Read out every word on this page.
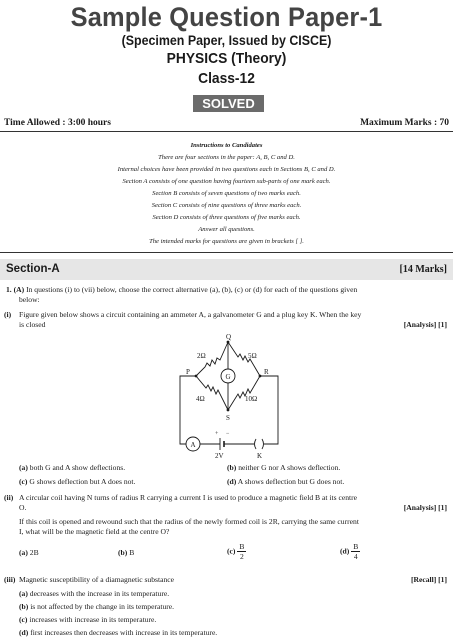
Sample Question Paper-1
(Specimen Paper, Issued by CISCE)
PHYSICS (Theory)
Class-12
SOLVED
Time Allowed : 3:00 hours	Maximum Marks : 70
Instructions to Candidates
There are four sections in the paper: A, B, C and D.
Internal choices have been provided in two questions each in Sections B, C and D.
Section A consists of one question having fourteen sub-parts of one mark each.
Section B consists of seven questions of two marks each.
Section C consists of nine questions of three marks each.
Section D consists of three questions of five marks each.
Answer all questions.
The intended marks for questions are given in brackets [ ].
Section-A	[14 Marks]
1. (A) In questions (i) to (vii) below, choose the correct alternative (a), (b), (c) or (d) for each of the questions given
below:
(i) Figure given below shows a circuit containing an ammeter A, a galvanometer G and a plug key K. When the key
is closed	[Analysis] [1]
Q
P	R
S
G
2Ω	5Ω
4Ω	10Ω
A
+ −
2V	K
(a) both G and A show deflections.	(b) neither G nor A shows deflection.
(c) G shows deflection but A does not.	(d) A shows deflection but G does not.
(ii) A circular coil having N turns of radius R carrying a current I is used to produce a magnetic field B at its centre
O.	[Analysis] [1]
If this coil is opened and rewound such that the radius of the newly formed coil is 2R, carrying the same current
I, what will be the magnetic field at the centre O?
(a) 2B	(b) B	$(c) \frac{B}{2}$	$(d) \frac{B}{4}$
(iii) Magnetic susceptibility of a diamagnetic substance	[Recall] [1]
(a) decreases with the increase in its temperature.
(b) is not affected by the change in its temperature.
(c) increases with increase in its temperature.
(d) first increases then decreases with increase in its temperature.
